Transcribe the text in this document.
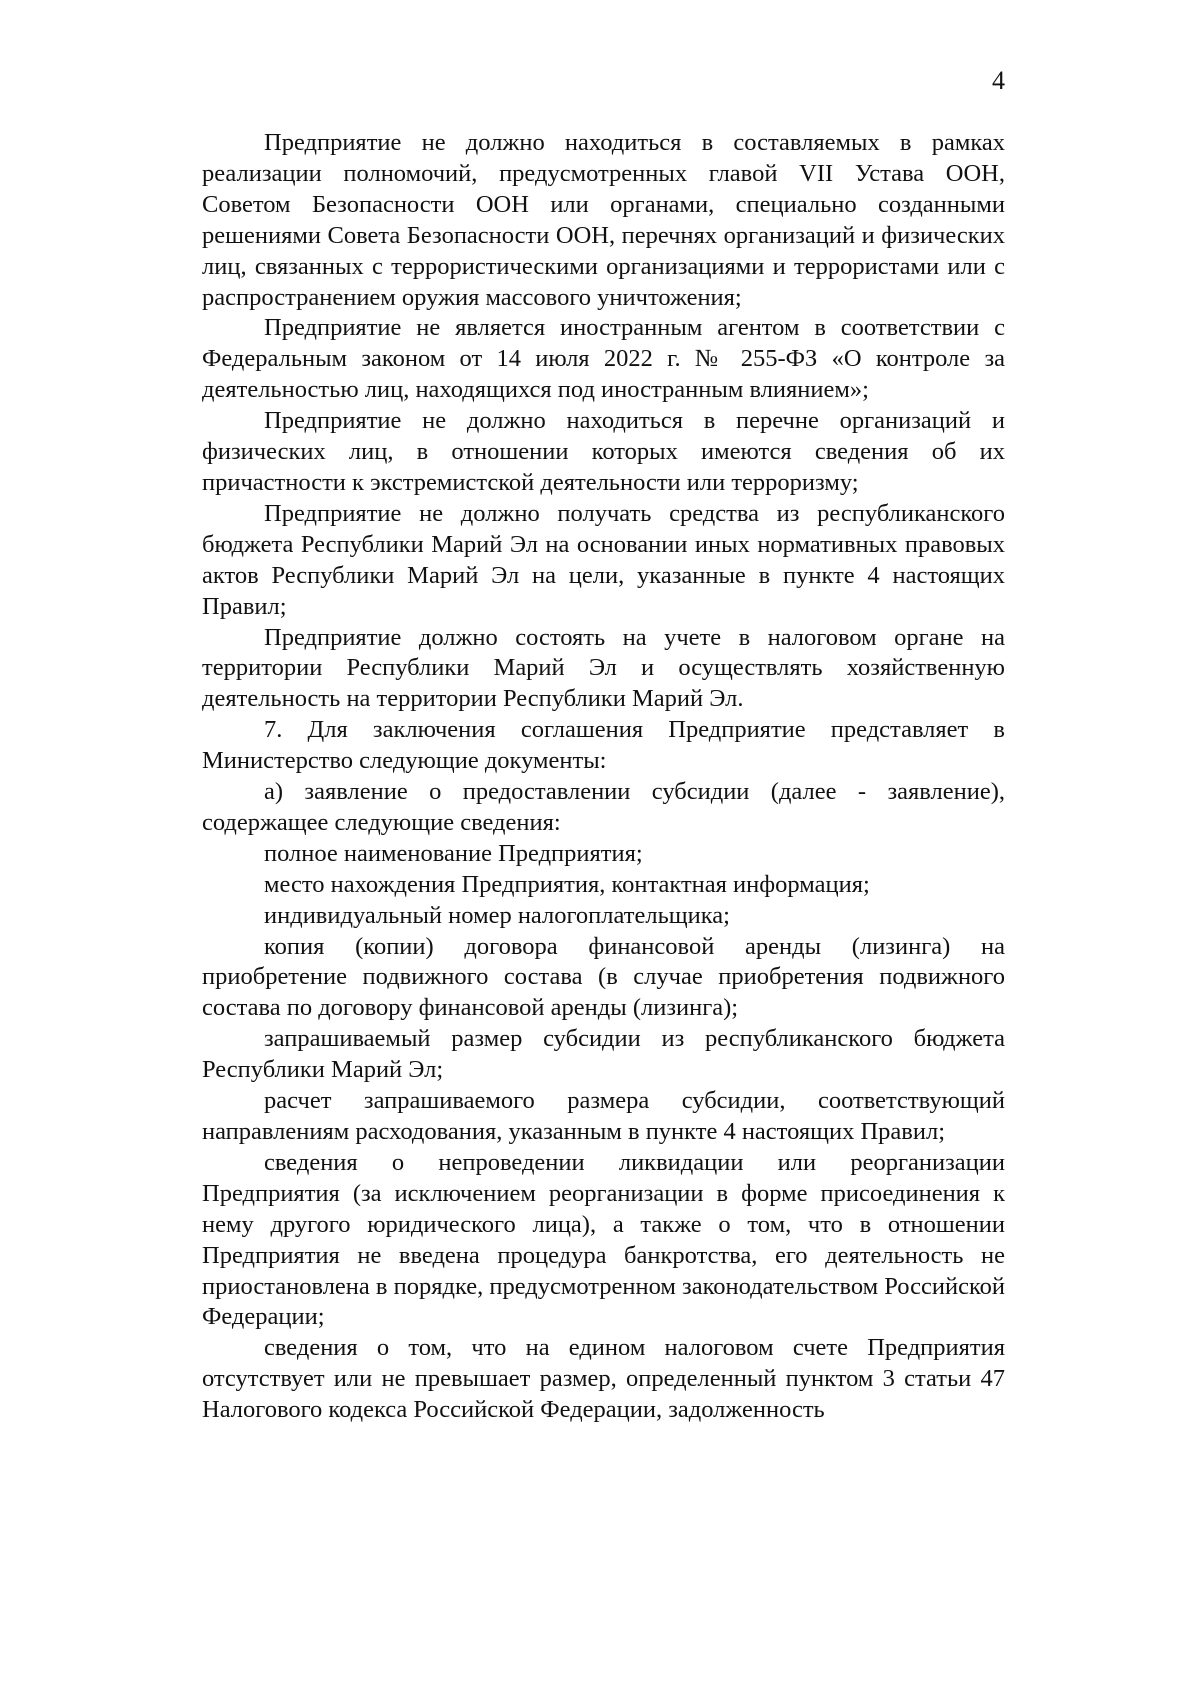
4

Предприятие не должно находиться в составляемых в рамках реализации полномочий, предусмотренных главой VII Устава ООН, Советом Безопасности ООН или органами, специально созданными решениями Совета Безопасности ООН, перечнях организаций и физических лиц, связанных с террористическими организациями и террористами или с распространением оружия массового уничтожения;

Предприятие не является иностранным агентом в соответствии с Федеральным законом от 14 июля 2022 г. № 255-ФЗ «О контроле за деятельностью лиц, находящихся под иностранным влиянием»;

Предприятие не должно находиться в перечне организаций и физических лиц, в отношении которых имеются сведения об их причастности к экстремистской деятельности или терроризму;

Предприятие не должно получать средства из республиканского бюджета Республики Марий Эл на основании иных нормативных правовых актов Республики Марий Эл на цели, указанные в пункте 4 настоящих Правил;

Предприятие должно состоять на учете в налоговом органе на территории Республики Марий Эл и осуществлять хозяйственную деятельность на территории Республики Марий Эл.

7. Для заключения соглашения Предприятие представляет в Министерство следующие документы:

а) заявление о предоставлении субсидии (далее - заявление), содержащее следующие сведения:

полное наименование Предприятия;

место нахождения Предприятия, контактная информация;

индивидуальный номер налогоплательщика;

копия (копии) договора финансовой аренды (лизинга) на приобретение подвижного состава (в случае приобретения подвижного состава по договору финансовой аренды (лизинга);

запрашиваемый размер субсидии из республиканского бюджета Республики Марий Эл;

расчет запрашиваемого размера субсидии, соответствующий направлениям расходования, указанным в пункте 4 настоящих Правил;

сведения о непроведении ликвидации или реорганизации Предприятия (за исключением реорганизации в форме присоединения к нему другого юридического лица), а также о том, что в отношении Предприятия не введена процедура банкротства, его деятельность не приостановлена в порядке, предусмотренном законодательством Российской Федерации;

сведения о том, что на едином налоговом счете Предприятия отсутствует или не превышает размер, определенный пунктом 3 статьи 47 Налогового кодекса Российской Федерации, задолженность
